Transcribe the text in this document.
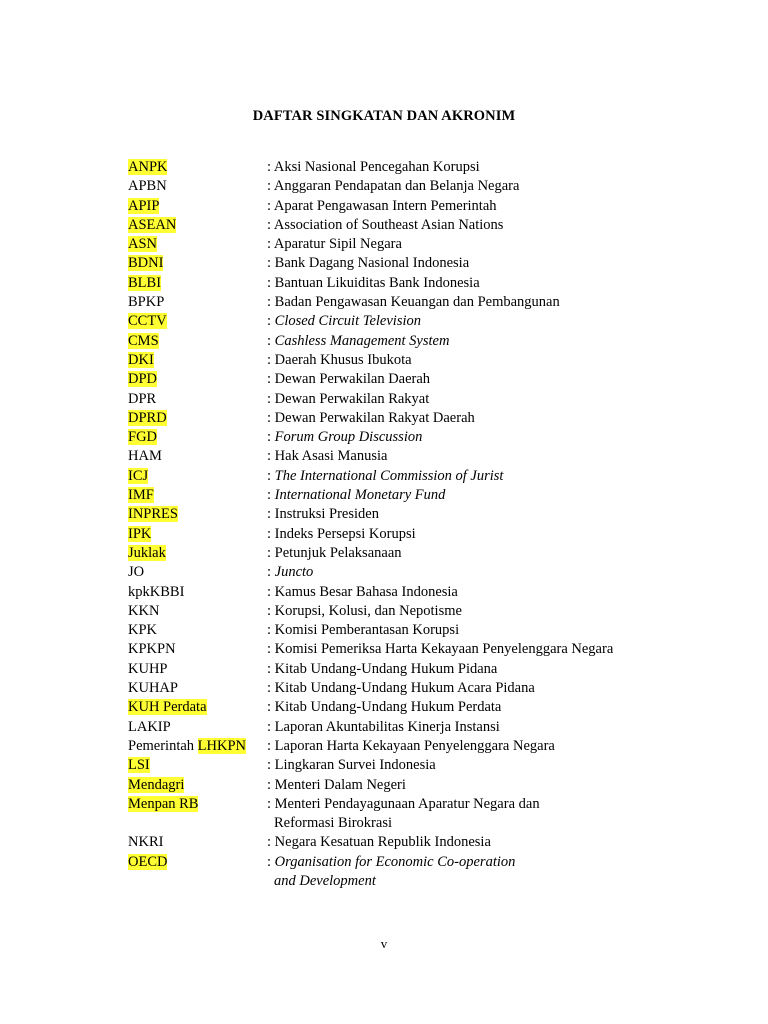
DAFTAR SINGKATAN DAN AKRONIM
ANPK	: Aksi Nasional Pencegahan Korupsi
APBN	: Anggaran Pendapatan dan Belanja Negara
APIP	: Aparat Pengawasan Intern Pemerintah
ASEAN	: Association of Southeast Asian Nations
ASN	: Aparatur Sipil Negara
BDNI	: Bank Dagang Nasional Indonesia
BLBI	: Bantuan Likuiditas Bank Indonesia
BPKP	: Badan Pengawasan Keuangan dan Pembangunan
CCTV	: Closed Circuit Television
CMS	: Cashless Management System
DKI	: Daerah Khusus Ibukota
DPD	: Dewan Perwakilan Daerah
DPR	: Dewan Perwakilan Rakyat
DPRD	: Dewan Perwakilan Rakyat Daerah
FGD	: Forum Group Discussion
HAM	: Hak Asasi Manusia
ICJ	: The International Commission of Jurist
IMF	: International Monetary Fund
INPRES	: Instruksi Presiden
IPK	: Indeks Persepsi Korupsi
Juklak	: Petunjuk Pelaksanaan
JO	: Juncto
kpkKBBI	: Kamus Besar Bahasa Indonesia
KKN	: Korupsi, Kolusi, dan Nepotisme
KPK	: Komisi Pemberantasan Korupsi
KPKPN	: Komisi Pemeriksa Harta Kekayaan Penyelenggara Negara
KUHP	: Kitab Undang-Undang Hukum Pidana
KUHAP	: Kitab Undang-Undang Hukum Acara Pidana
KUH Perdata	: Kitab Undang-Undang Hukum Perdata
LAKIP	: Laporan Akuntabilitas Kinerja Instansi
Pemerintah LHKPN : Laporan Harta Kekayaan Penyelenggara Negara
LSI	: Lingkaran Survei Indonesia
Mendagri	: Menteri Dalam Negeri
Menpan RB	: Menteri Pendayagunaan Aparatur Negara dan
Reformasi Birokrasi
NKRI	: Negara Kesatuan Republik Indonesia
OECD	: Organisation for Economic Co-operation
and Development
v
